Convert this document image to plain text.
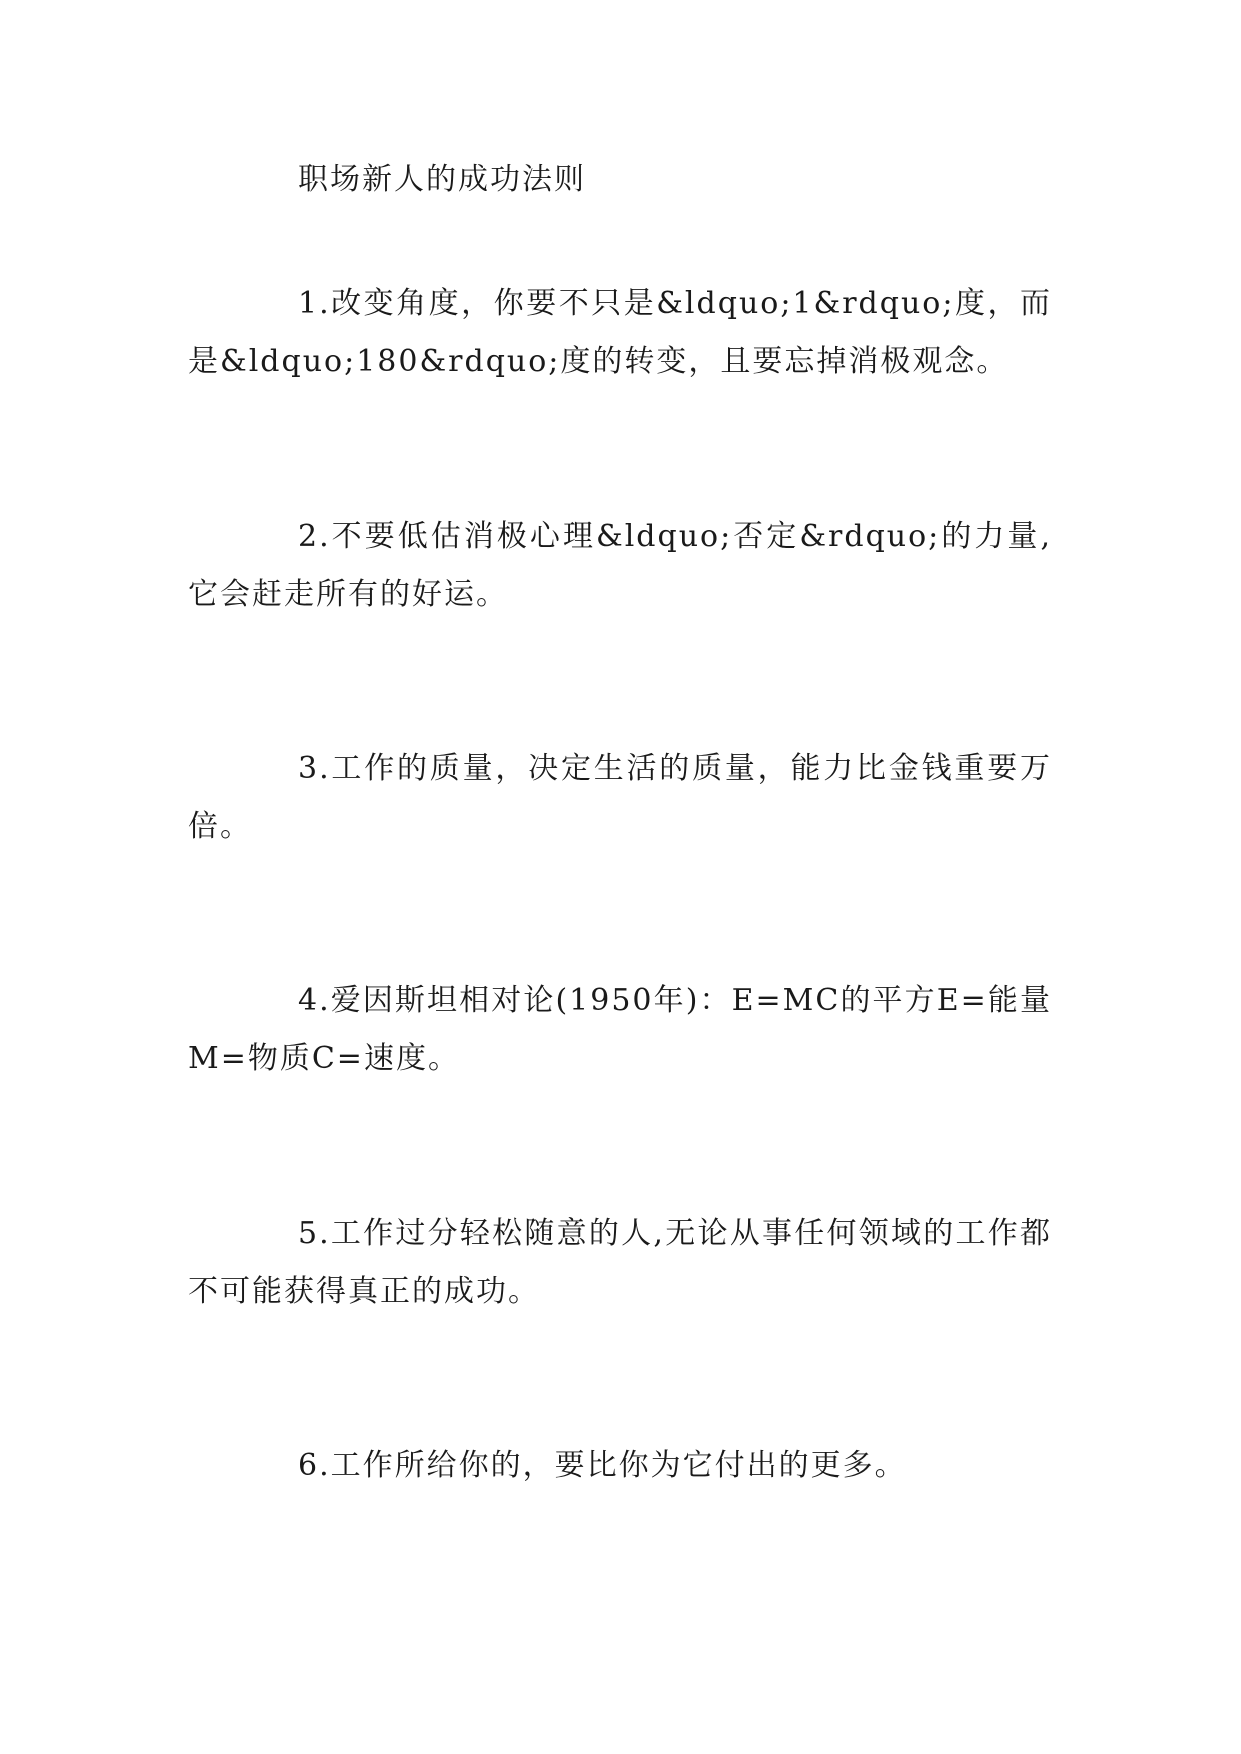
职场新人的成功法则
1.改变角度，你要不只是&ldquo;1&rdquo;度，而是&ldquo;180&rdquo;度的转变，且要忘掉消极观念。
2.不要低估消极心理&ldquo;否定&rdquo;的力量,它会赶走所有的好运。
3.工作的质量，决定生活的质量，能力比金钱重要万倍。
4.爱因斯坦相对论(1950年)：E=MC的平方E=能量M=物质C=速度。
5.工作过分轻松随意的人,无论从事任何领域的工作都不可能获得真正的成功。
6.工作所给你的，要比你为它付出的更多。
